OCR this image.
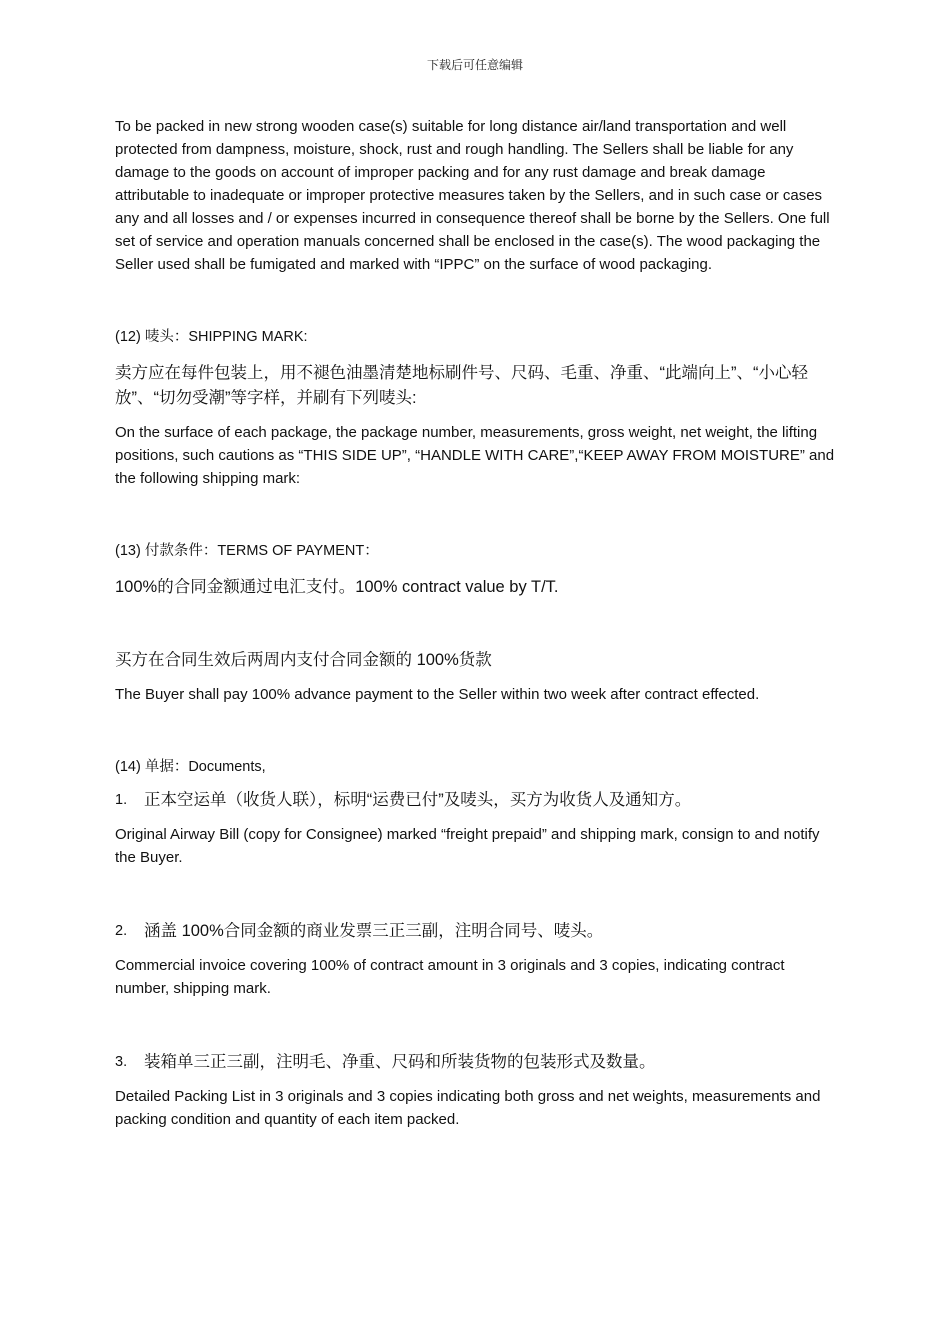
下载后可任意编辑

To be packed in new strong wooden case(s) suitable for long distance air/land transportation and well protected from dampness, moisture, shock, rust and rough handling. The Sellers shall be liable for any damage to the goods on account of improper packing and for any rust damage and break damage attributable to inadequate or improper protective measures taken by the Sellers, and in such case or cases any and all losses and / or expenses incurred in consequence thereof shall be borne by the Sellers. One full set of service and operation manuals concerned shall be enclosed in the case(s). The wood packaging the Seller used shall be fumigated and marked with “IPPC” on the surface of wood packaging.

(12) 唛头：SHIPPING MARK:

卖方应在每件包装上，用不褪色油墨清楚地标刷件号、尺码、毛重、净重、“此端向上”、“小心轻放”、“切勿受潮”等字样，并刷有下列唛头:

On the surface of each package, the package number, measurements, gross weight, net weight, the lifting positions, such cautions as “THIS SIDE UP”, “HANDLE WITH CARE”,“KEEP AWAY FROM MOISTURE” and the following shipping mark:

(13) 付款条件：TERMS OF PAYMENT：

100%的合同金额通过电汇支付。100% contract value by T/T.

买方在合同生效后两周内支付合同金额的 100%货款

The Buyer shall pay 100% advance payment to the Seller within two week after contract effected.

(14) 单据：Documents,

1.	正本空运单（收货人联），标明“运费已付”及唛头，买方为收货人及通知方。

Original Airway Bill (copy for Consignee) marked “freight prepaid” and shipping mark, consign to and notify the Buyer.

2.	涵盖 100%合同金额的商业发票三正三副，注明合同号、唛头。

Commercial invoice covering 100% of contract amount in 3 originals and 3 copies, indicating contract number, shipping mark.

3.	装箱单三正三副，注明毛、净重、尺码和所装货物的包装形式及数量。

Detailed Packing List in 3 originals and 3 copies indicating both gross and net weights, measurements and packing condition and quantity of each item packed.
